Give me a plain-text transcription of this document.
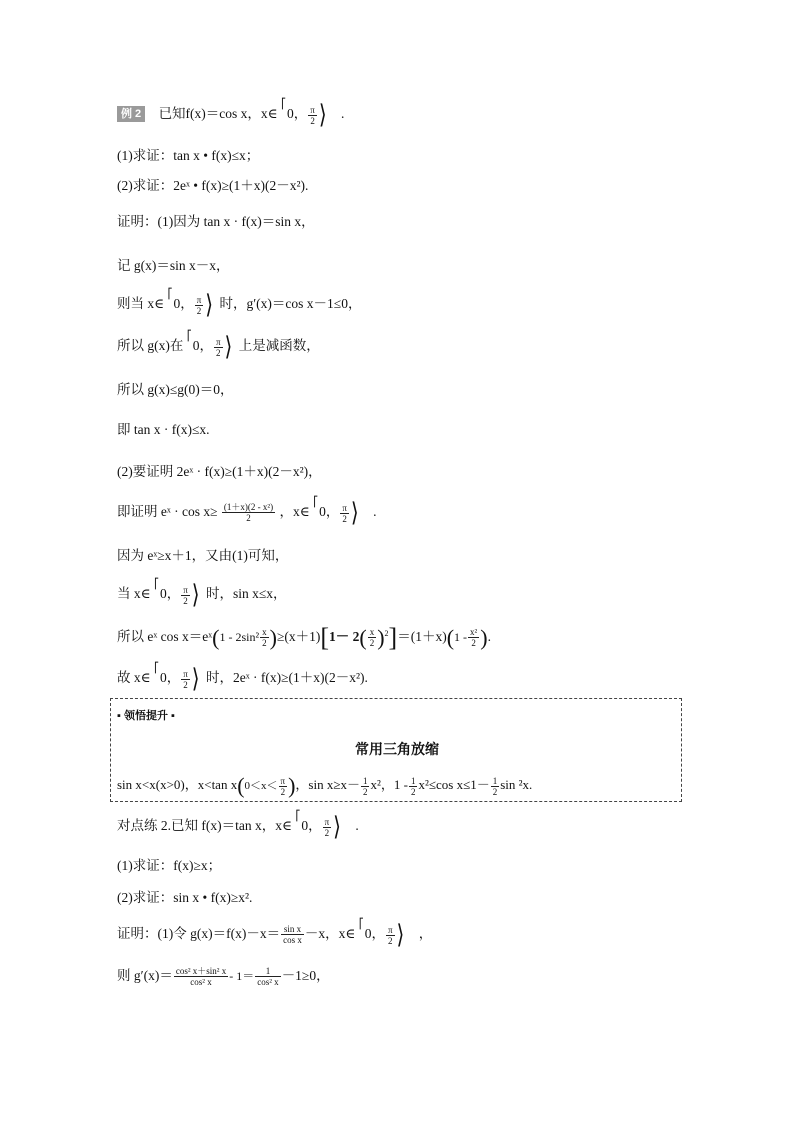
例 2 已知f(x)＝cos x，x∈
⎡
0， $\frac{\pi}{2}$ ⟩ .
(1)求证：tan x • f(x)≤x；
(2)求证：2eˣ • f(x)≥(1＋x)(2－x²).
证明：(1)因为 tan x · f(x)＝sin x，
记 g(x)＝sin x－x，
则当 x∈
⎡
0， $\frac{\pi}{2}$ ⟩ 时，g′(x)＝cos x－1≤0，
所以 g(x)在
⎡
0， $\frac{\pi}{2}$ ⟩ 上是减函数，
所以 g(x)≤g(0)＝0，
即 tan x · f(x)≤x.
(2)要证明 2eˣ · f(x)≥(1＋x)(2－x²)，
即证明 eˣ · $\cos x\ge \frac{\text{(1＋x)(2 - x²)}}{2}$ ，x∈
⎡
0， $\frac{\pi}{2}$ ⟩ .
因为 eˣ≥x＋1，又由(1)可知，
当 x∈
⎡
0， $\frac{\pi}{2}$ ⟩ 时，sin x≤x，
所以 eˣ cos x＝eˣ(1 - $2\sin^2 \frac{x}{2} )\ge(x+1)[1- 2( \frac{x}{2} )^2]=(1+x)(1 - \frac{\text{x²}}{2}$ ).
故 x∈
⎡
0， $\frac{\pi}{2}$ ⟩ 时，2eˣ · f(x)≥(1＋x)(2－x²).
▪ 领悟提升 ▪
常用三角放缩
sin x<x(x>0)，x<tan $x(0<x< \frac{\pi}{2}$ )，$\sin x\ge x- \frac{1}{2} x^2$，$1 - \frac{1}{2} x^2\le\cos$ $x\le 1- \frac{1}{2}$ sin ²x.
对点练 2.已知 f(x)＝tan x，x∈
⎡
0， $\frac{\pi}{2}$ ⟩ .
(1)求证：f(x)≥x；
(2)求证：sin x • f(x)≥x².
证明：(1)令 $g(x)=f(x)-x= \frac{\text{sin x}}{\text{cos x}} -x$，x∈
⎡
0， $\frac{\pi}{2}$ ⟩ ，
则 $g'(x)= \frac{\text{cos² x＋sin² x}}{\text{cos² x}} - 1= \frac{1}{\text{cos² x}} -1\ge 0$，
